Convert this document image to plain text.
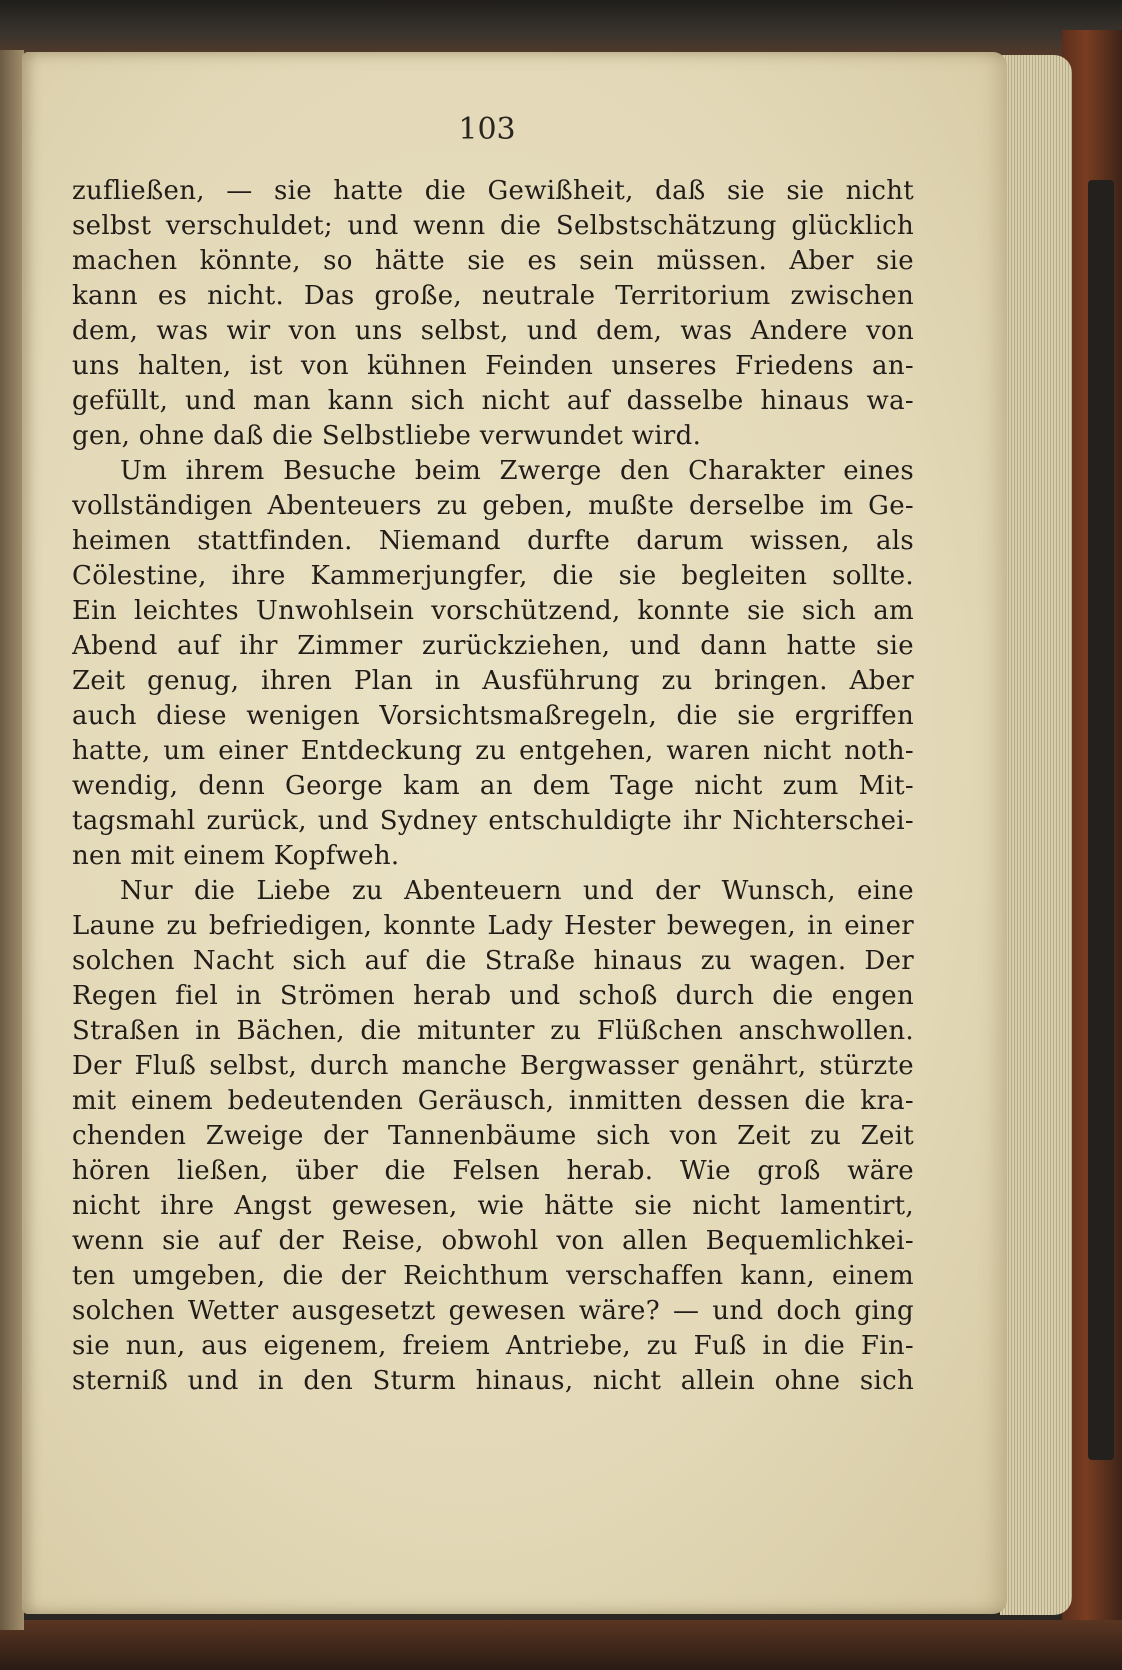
103
zufließen, — sie hatte die Gewißheit, daß sie sie nicht
selbst verschuldet; und wenn die Selbstschätzung glücklich
machen könnte, so hätte sie es sein müssen. Aber sie
kann es nicht. Das große, neutrale Territorium zwischen
dem, was wir von uns selbst, und dem, was Andere von
uns halten, ist von kühnen Feinden unseres Friedens an-
gefüllt, und man kann sich nicht auf dasselbe hinaus wa-
gen, ohne daß die Selbstliebe verwundet wird.
Um ihrem Besuche beim Zwerge den Charakter eines
vollständigen Abenteuers zu geben, mußte derselbe im Ge-
heimen stattfinden. Niemand durfte darum wissen, als
Cölestine, ihre Kammerjungfer, die sie begleiten sollte.
Ein leichtes Unwohlsein vorschützend, konnte sie sich am
Abend auf ihr Zimmer zurückziehen, und dann hatte sie
Zeit genug, ihren Plan in Ausführung zu bringen. Aber
auch diese wenigen Vorsichtsmaßregeln, die sie ergriffen
hatte, um einer Entdeckung zu entgehen, waren nicht noth-
wendig, denn George kam an dem Tage nicht zum Mit-
tagsmahl zurück, und Sydney entschuldigte ihr Nichterschei-
nen mit einem Kopfweh.
Nur die Liebe zu Abenteuern und der Wunsch, eine
Laune zu befriedigen, konnte Lady Hester bewegen, in einer
solchen Nacht sich auf die Straße hinaus zu wagen. Der
Regen fiel in Strömen herab und schoß durch die engen
Straßen in Bächen, die mitunter zu Flüßchen anschwollen.
Der Fluß selbst, durch manche Bergwasser genährt, stürzte
mit einem bedeutenden Geräusch, inmitten dessen die kra-
chenden Zweige der Tannenbäume sich von Zeit zu Zeit
hören ließen, über die Felsen herab. Wie groß wäre
nicht ihre Angst gewesen, wie hätte sie nicht lamentirt,
wenn sie auf der Reise, obwohl von allen Bequemlichkei-
ten umgeben, die der Reichthum verschaffen kann, einem
solchen Wetter ausgesetzt gewesen wäre? — und doch ging
sie nun, aus eigenem, freiem Antriebe, zu Fuß in die Fin-
sterniß und in den Sturm hinaus, nicht allein ohne sich
